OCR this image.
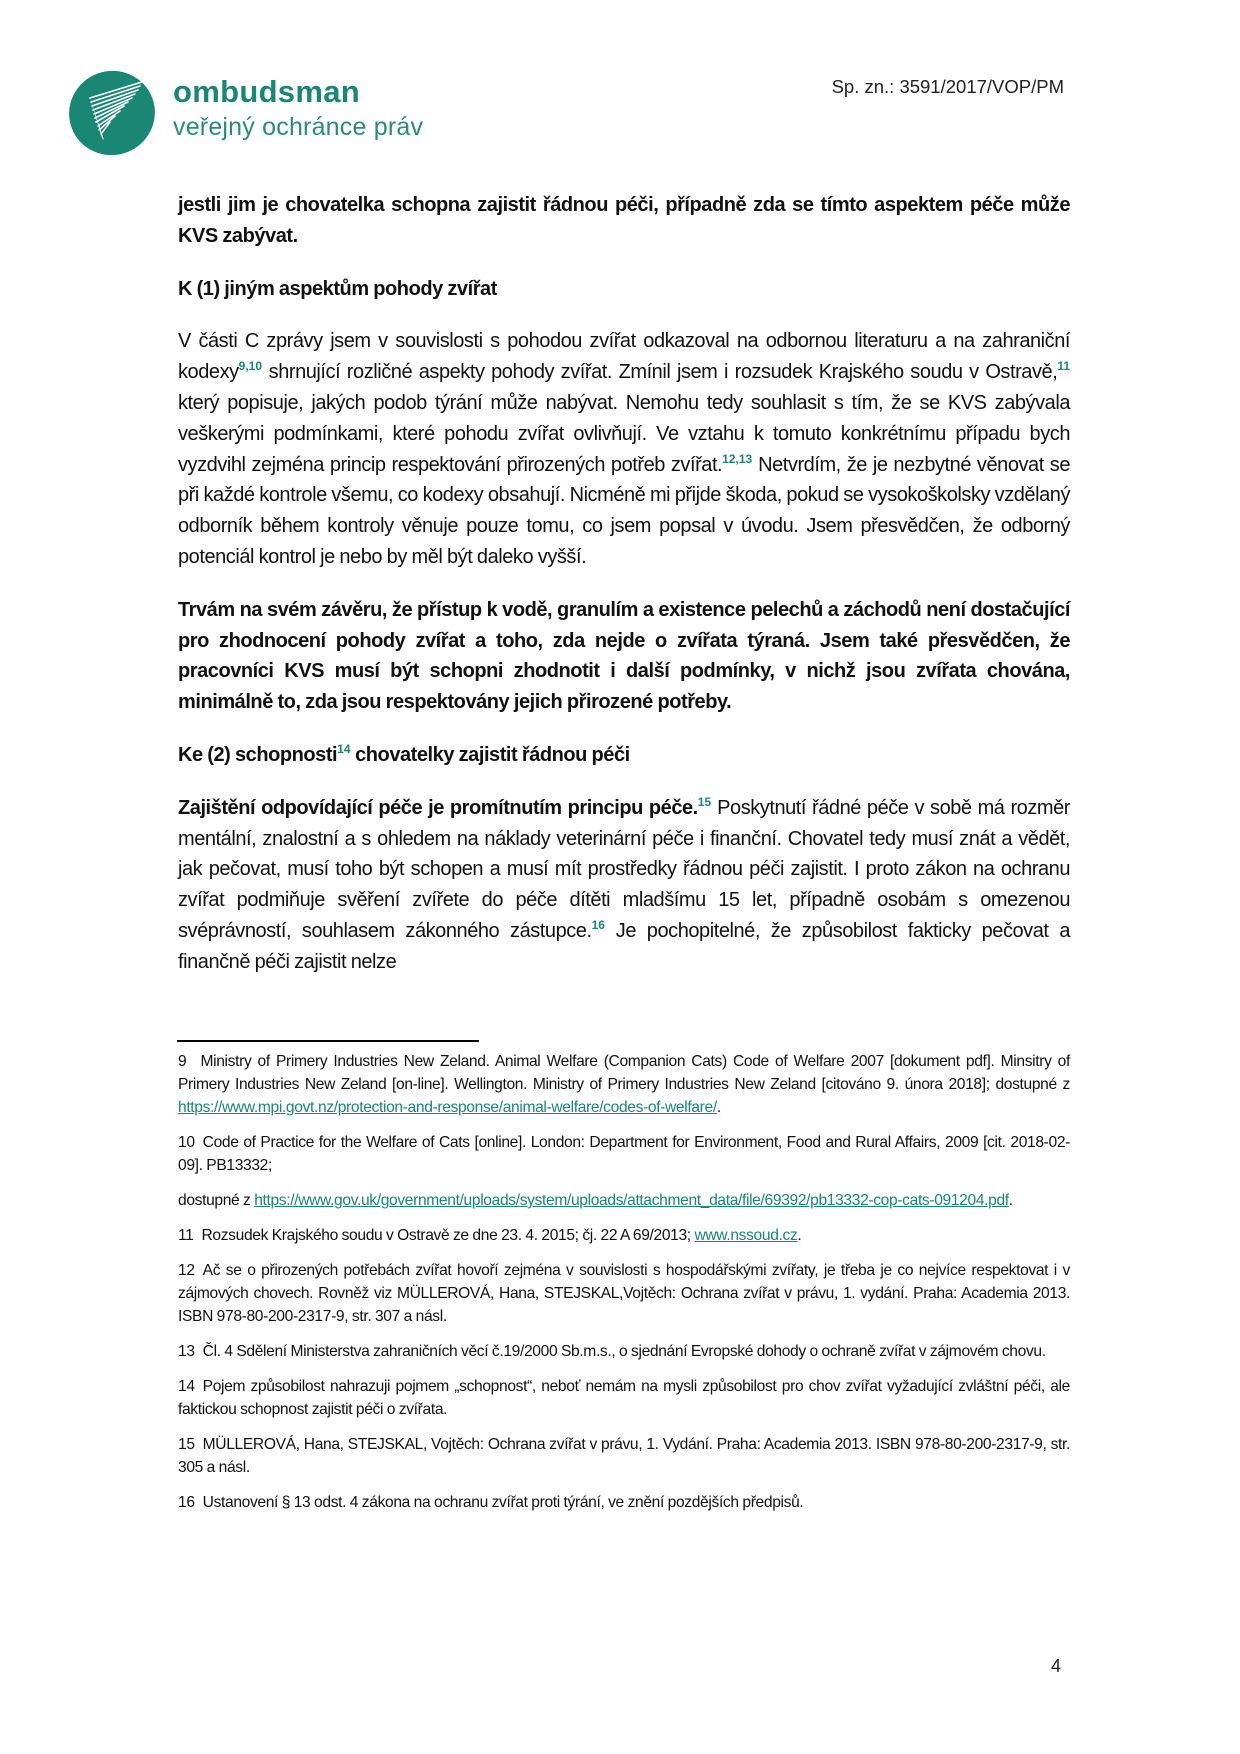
ombudsman
veřejný ochránce práv
Sp. zn.: 3591/2017/VOP/PM

jestli jim je chovatelka schopna zajistit řádnou péči, případně zda se tímto aspektem péče může KVS zabývat.

K (1) jiným aspektům pohody zvířat

V části C zprávy jsem v souvislosti s pohodou zvířat odkazoval na odbornou literaturu a na zahraniční kodexy$^{9,10}$ shrnující rozličné aspekty pohody zvířat. Zmínil jsem i rozsudek Krajského soudu v Ostravě,$^{11}$ který popisuje, jakých podob týrání může nabývat. Nemohu tedy souhlasit s tím, že se KVS zabývala veškerými podmínkami, které pohodu zvířat ovlivňují. Ve vztahu k tomuto konkrétnímu případu bych vyzdvihl zejména princip respektování přirozených potřeb zvířat.$^{12,13}$ Netvrdím, že je nezbytné věnovat se při každé kontrole všemu, co kodexy obsahují. Nicméně mi přijde škoda, pokud se vysokoškolsky vzdělaný odborník během kontroly věnuje pouze tomu, co jsem popsal v úvodu. Jsem přesvědčen, že odborný potenciál kontrol je nebo by měl být daleko vyšší.

Trvám na svém závěru, že přístup k vodě, granulím a existence pelechů a záchodů není dostačující pro zhodnocení pohody zvířat a toho, zda nejde o zvířata týraná. Jsem také přesvědčen, že pracovníci KVS musí být schopni zhodnotit i další podmínky, v nichž jsou zvířata chována, minimálně to, zda jsou respektovány jejich přirozené potřeby.

Ke (2) schopnosti$^{14}$ chovatelky zajistit řádnou péči

Zajištění odpovídající péče je promítnutím principu péče.$^{15}$ Poskytnutí řádné péče v sobě má rozměr mentální, znalostní a s ohledem na náklady veterinární péče i finanční. Chovatel tedy musí znát a vědět, jak pečovat, musí toho být schopen a musí mít prostředky řádnou péči zajistit. I proto zákon na ochranu zvířat podmiňuje svěření zvířete do péče dítěti mladšímu 15 let, případně osobám s omezenou svéprávností, souhlasem zákonného zástupce.$^{16}$ Je pochopitelné, že způsobilost fakticky pečovat a finančně péči zajistit nelze

9 Ministry of Primery Industries New Zeland. Animal Welfare (Companion Cats) Code of Welfare 2007 [dokument pdf]. Minsitry of Primery Industries New Zeland [on-line]. Wellington. Ministry of Primery Industries New Zeland [citováno 9. února 2018]; dostupné z https://www.mpi.govt.nz/protection-and-response/animal-welfare/codes-of-welfare/.

10 Code of Practice for the Welfare of Cats [online]. London: Department for Environment, Food and Rural Affairs, 2009 [cit. 2018-02-09]. PB13332;

dostupné z https://www.gov.uk/government/uploads/system/uploads/attachment_data/file/69392/pb13332-cop-cats-091204.pdf.

11 Rozsudek Krajského soudu v Ostravě ze dne 23. 4. 2015; čj. 22 A 69/2013; www.nssoud.cz.

12 Ač se o přirozených potřebách zvířat hovoří zejména v souvislosti s hospodářskými zvířaty, je třeba je co nejvíce respektovat i v zájmových chovech. Rovněž viz MÜLLEROVÁ, Hana, STEJSKAL,Vojtěch: Ochrana zvířat v právu, 1. vydání. Praha: Academia 2013. ISBN 978-80-200-2317-9, str. 307 a násl.

13 Čl. 4 Sdělení Ministerstva zahraničních věcí č.19/2000 Sb.m.s., o sjednání Evropské dohody o ochraně zvířat v zájmovém chovu.

14 Pojem způsobilost nahrazuji pojmem „schopnost“, neboť nemám na mysli způsobilost pro chov zvířat vyžadující zvláštní péči, ale faktickou schopnost zajistit péči o zvířata.

15 MÜLLEROVÁ, Hana, STEJSKAL, Vojtěch: Ochrana zvířat v právu, 1. Vydání. Praha: Academia 2013. ISBN 978-80-200-2317-9, str. 305 a násl.

16 Ustanovení § 13 odst. 4 zákona na ochranu zvířat proti týrání, ve znění pozdějších předpisů.

4
